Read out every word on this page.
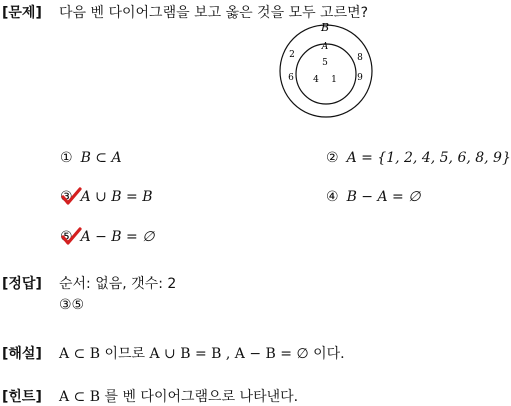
[문제] 다음 벤 다이어그램을 보고 옳은 것을 모두 고르면?
B
A
5
4 1
2	8
6	9
① B ⊂ A	② A = {1, 2, 4, 5, 6, 8, 9}
③ A ∪ B = B	④ B − A = ∅
⑤ A − B = ∅
[정답] 순서: 없음, 갯수: 2
③⑤
[해설] A ⊂ B 이므로 A ∪ B = B , A − B = ∅ 이다.
[힌트] A ⊂ B 를 벤 다이어그램으로 나타낸다.
